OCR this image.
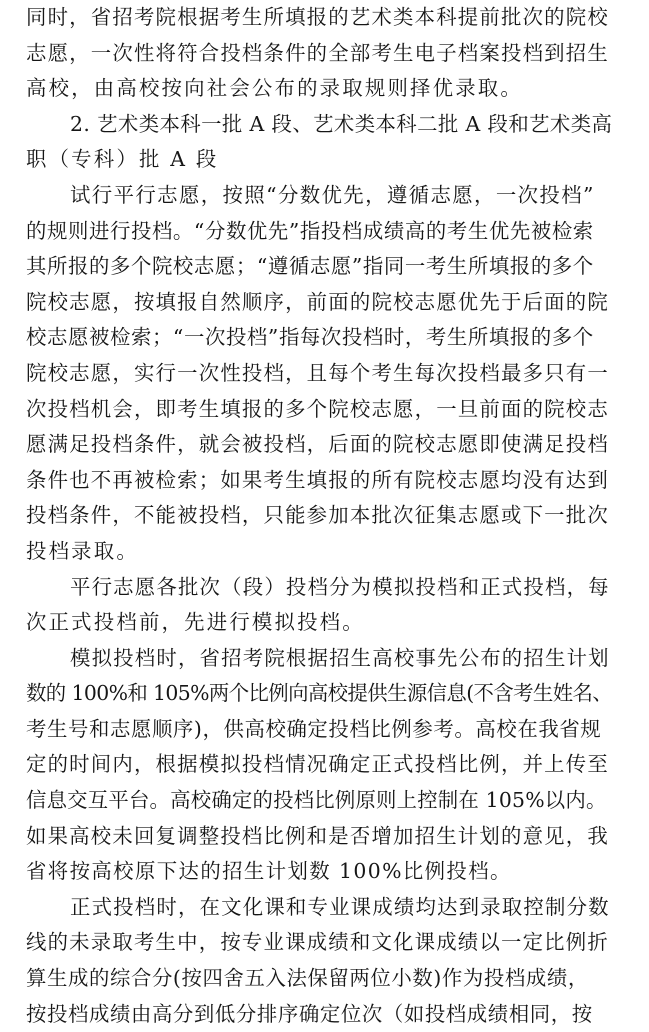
同时，省招考院根据考生所填报的艺术类本科提前批次的院校
志愿，一次性将符合投档条件的全部考生电子档案投档到招生
高校，由高校按向社会公布的录取规则择优录取。
2. 艺术类本科一批 A 段、艺术类本科二批 A 段和艺术类高
职（专科）批 A 段
试行平行志愿，按照“分数优先，遵循志愿，一次投档”
的规则进行投档。“分数优先”指投档成绩高的考生优先被检索
其所报的多个院校志愿；“遵循志愿”指同一考生所填报的多个
院校志愿，按填报自然顺序，前面的院校志愿优先于后面的院
校志愿被检索；“一次投档”指每次投档时，考生所填报的多个
院校志愿，实行一次性投档，且每个考生每次投档最多只有一
次投档机会，即考生填报的多个院校志愿，一旦前面的院校志
愿满足投档条件，就会被投档，后面的院校志愿即使满足投档
条件也不再被检索；如果考生填报的所有院校志愿均没有达到
投档条件，不能被投档，只能参加本批次征集志愿或下一批次
投档录取。
平行志愿各批次（段）投档分为模拟投档和正式投档，每
次正式投档前，先进行模拟投档。
模拟投档时，省招考院根据招生高校事先公布的招生计划
数的 100%和 105%两个比例向高校提供生源信息(不含考生姓名、
考生号和志愿顺序)，供高校确定投档比例参考。高校在我省规
定的时间内，根据模拟投档情况确定正式投档比例，并上传至
信息交互平台。高校确定的投档比例原则上控制在 105%以内。
如果高校未回复调整投档比例和是否增加招生计划的意见，我
省将按高校原下达的招生计划数 100%比例投档。
正式投档时，在文化课和专业课成绩均达到录取控制分数
线的未录取考生中，按专业课成绩和文化课成绩以一定比例折
算生成的综合分(按四舍五入法保留两位小数)作为投档成绩，
按投档成绩由高分到低分排序确定位次（如投档成绩相同，按
